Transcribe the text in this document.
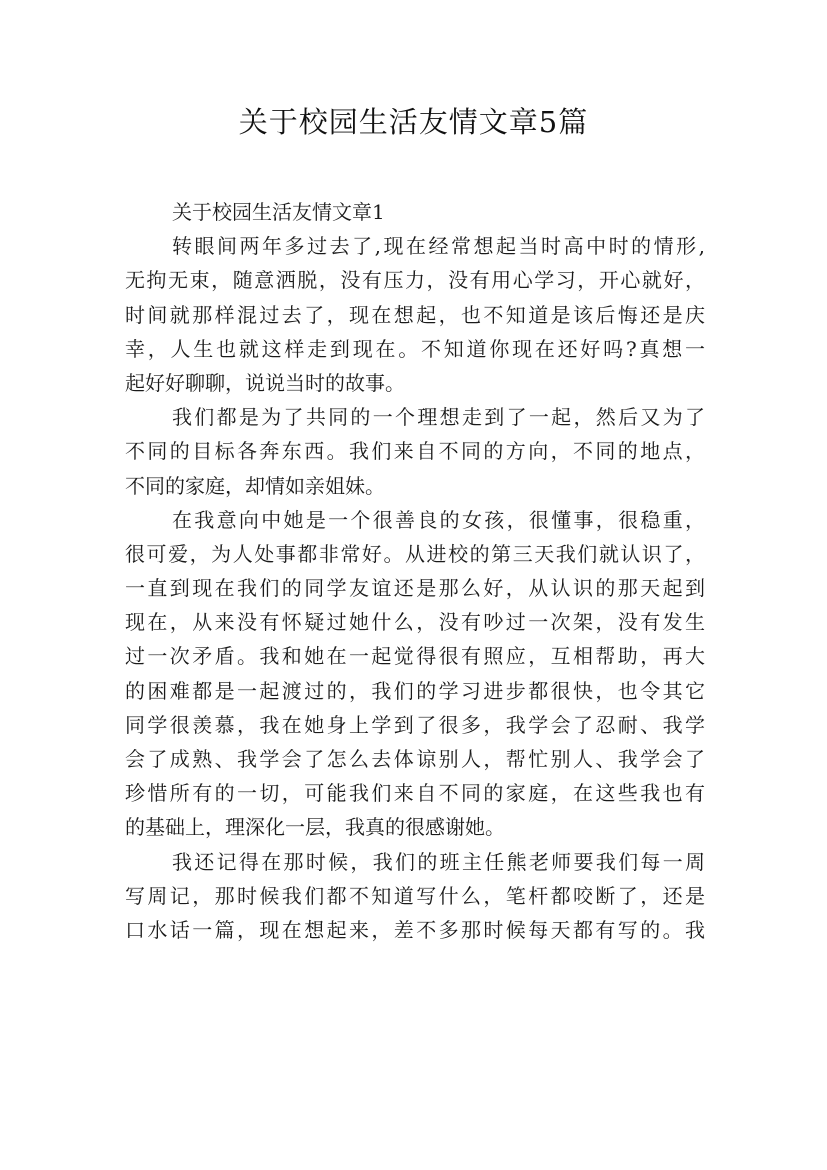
关于校园生活友情文章5篇
关于校园生活友情文章1
转眼间两年多过去了,现在经常想起当时高中时的情形,
无拘无束，随意洒脱，没有压力，没有用心学习，开心就好，
时间就那样混过去了，现在想起，也不知道是该后悔还是庆
幸，人生也就这样走到现在。不知道你现在还好吗?真想一
起好好聊聊，说说当时的故事。
我们都是为了共同的一个理想走到了一起，然后又为了
不同的目标各奔东西。我们来自不同的方向，不同的地点，
不同的家庭，却情如亲姐妹。
在我意向中她是一个很善良的女孩，很懂事，很稳重，
很可爱，为人处事都非常好。从进校的第三天我们就认识了，
一直到现在我们的同学友谊还是那么好，从认识的那天起到
现在，从来没有怀疑过她什么，没有吵过一次架，没有发生
过一次矛盾。我和她在一起觉得很有照应，互相帮助，再大
的困难都是一起渡过的，我们的学习进步都很快，也令其它
同学很羡慕，我在她身上学到了很多，我学会了忍耐、我学
会了成熟、我学会了怎么去体谅别人，帮忙别人、我学会了
珍惜所有的一切，可能我们来自不同的家庭，在这些我也有
的基础上，理深化一层，我真的很感谢她。
我还记得在那时候，我们的班主任熊老师要我们每一周
写周记，那时候我们都不知道写什么，笔杆都咬断了，还是
口水话一篇，现在想起来，差不多那时候每天都有写的。我
